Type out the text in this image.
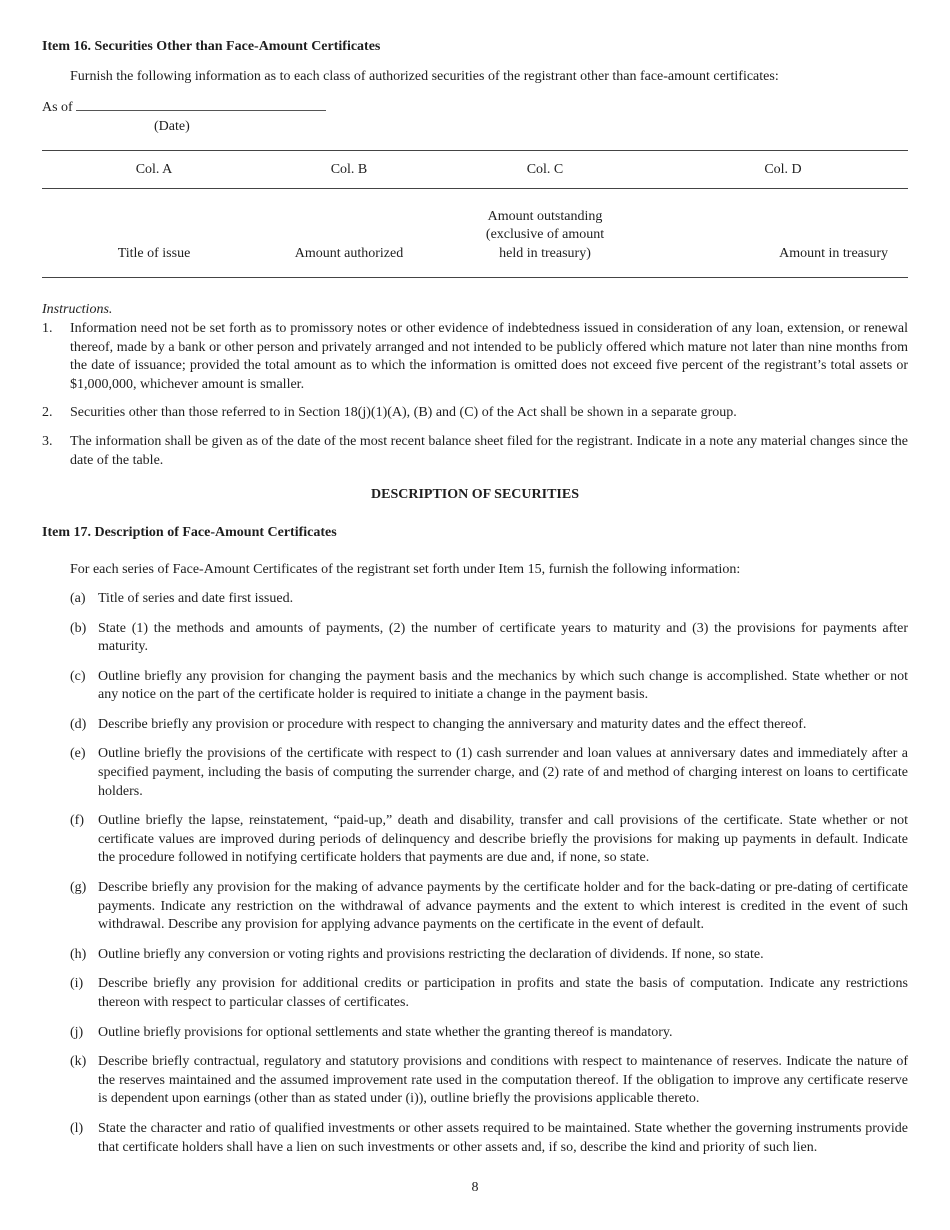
Item 16. Securities Other than Face-Amount Certificates
Furnish the following information as to each class of authorized securities of the registrant other than face-amount certificates:
As of
(Date)
Col. A	Col. B	Col. C	Col. D
Title of issue	Amount authorized	Amount outstanding
(exclusive of amount
held in treasury)	Amount in treasury
Instructions.
1. Information need not be set forth as to promissory notes or other evidence of indebtedness issued in consideration of any loan, extension, or renewal thereof, made by a bank or other person and privately arranged and not intended to be publicly offered which mature not later than nine months from the date of issuance; provided the total amount as to which the information is omitted does not exceed five percent of the registrant’s total assets or $1,000,000, whichever amount is smaller.
2. Securities other than those referred to in Section 18(j)(1)(A), (B) and (C) of the Act shall be shown in a separate group.
3. The information shall be given as of the date of the most recent balance sheet filed for the registrant. Indicate in a note any material changes since the date of the table.
DESCRIPTION OF SECURITIES
Item 17. Description of Face-Amount Certificates
For each series of Face-Amount Certificates of the registrant set forth under Item 15, furnish the following information:
(a) Title of series and date first issued.
(b) State (1) the methods and amounts of payments, (2) the number of certificate years to maturity and (3) the provisions for payments after maturity.
(c) Outline briefly any provision for changing the payment basis and the mechanics by which such change is accomplished. State whether or not any notice on the part of the certificate holder is required to initiate a change in the payment basis.
(d) Describe briefly any provision or procedure with respect to changing the anniversary and maturity dates and the effect thereof.
(e) Outline briefly the provisions of the certificate with respect to (1) cash surrender and loan values at anniversary dates and immediately after a specified payment, including the basis of computing the surrender charge, and (2) rate of and method of charging interest on loans to certificate holders.
(f) Outline briefly the lapse, reinstatement, “paid-up,” death and disability, transfer and call provisions of the certificate. State whether or not certificate values are improved during periods of delinquency and describe briefly the provisions for making up payments in default. Indicate the procedure followed in notifying certificate holders that payments are due and, if none, so state.
(g) Describe briefly any provision for the making of advance payments by the certificate holder and for the back-dating or pre-dating of certificate payments. Indicate any restriction on the withdrawal of advance payments and the extent to which interest is credited in the event of such withdrawal. Describe any provision for applying advance payments on the certificate in the event of default.
(h) Outline briefly any conversion or voting rights and provisions restricting the declaration of dividends. If none, so state.
(i) Describe briefly any provision for additional credits or participation in profits and state the basis of computation. Indicate any restrictions thereon with respect to particular classes of certificates.
(j) Outline briefly provisions for optional settlements and state whether the granting thereof is mandatory.
(k) Describe briefly contractual, regulatory and statutory provisions and conditions with respect to maintenance of reserves. Indicate the nature of the reserves maintained and the assumed improvement rate used in the computation thereof. If the obligation to improve any certificate reserve is dependent upon earnings (other than as stated under (i)), outline briefly the provisions applicable thereto.
(l) State the character and ratio of qualified investments or other assets required to be maintained. State whether the governing instruments provide that certificate holders shall have a lien on such investments or other assets and, if so, describe the kind and priority of such lien.
8
